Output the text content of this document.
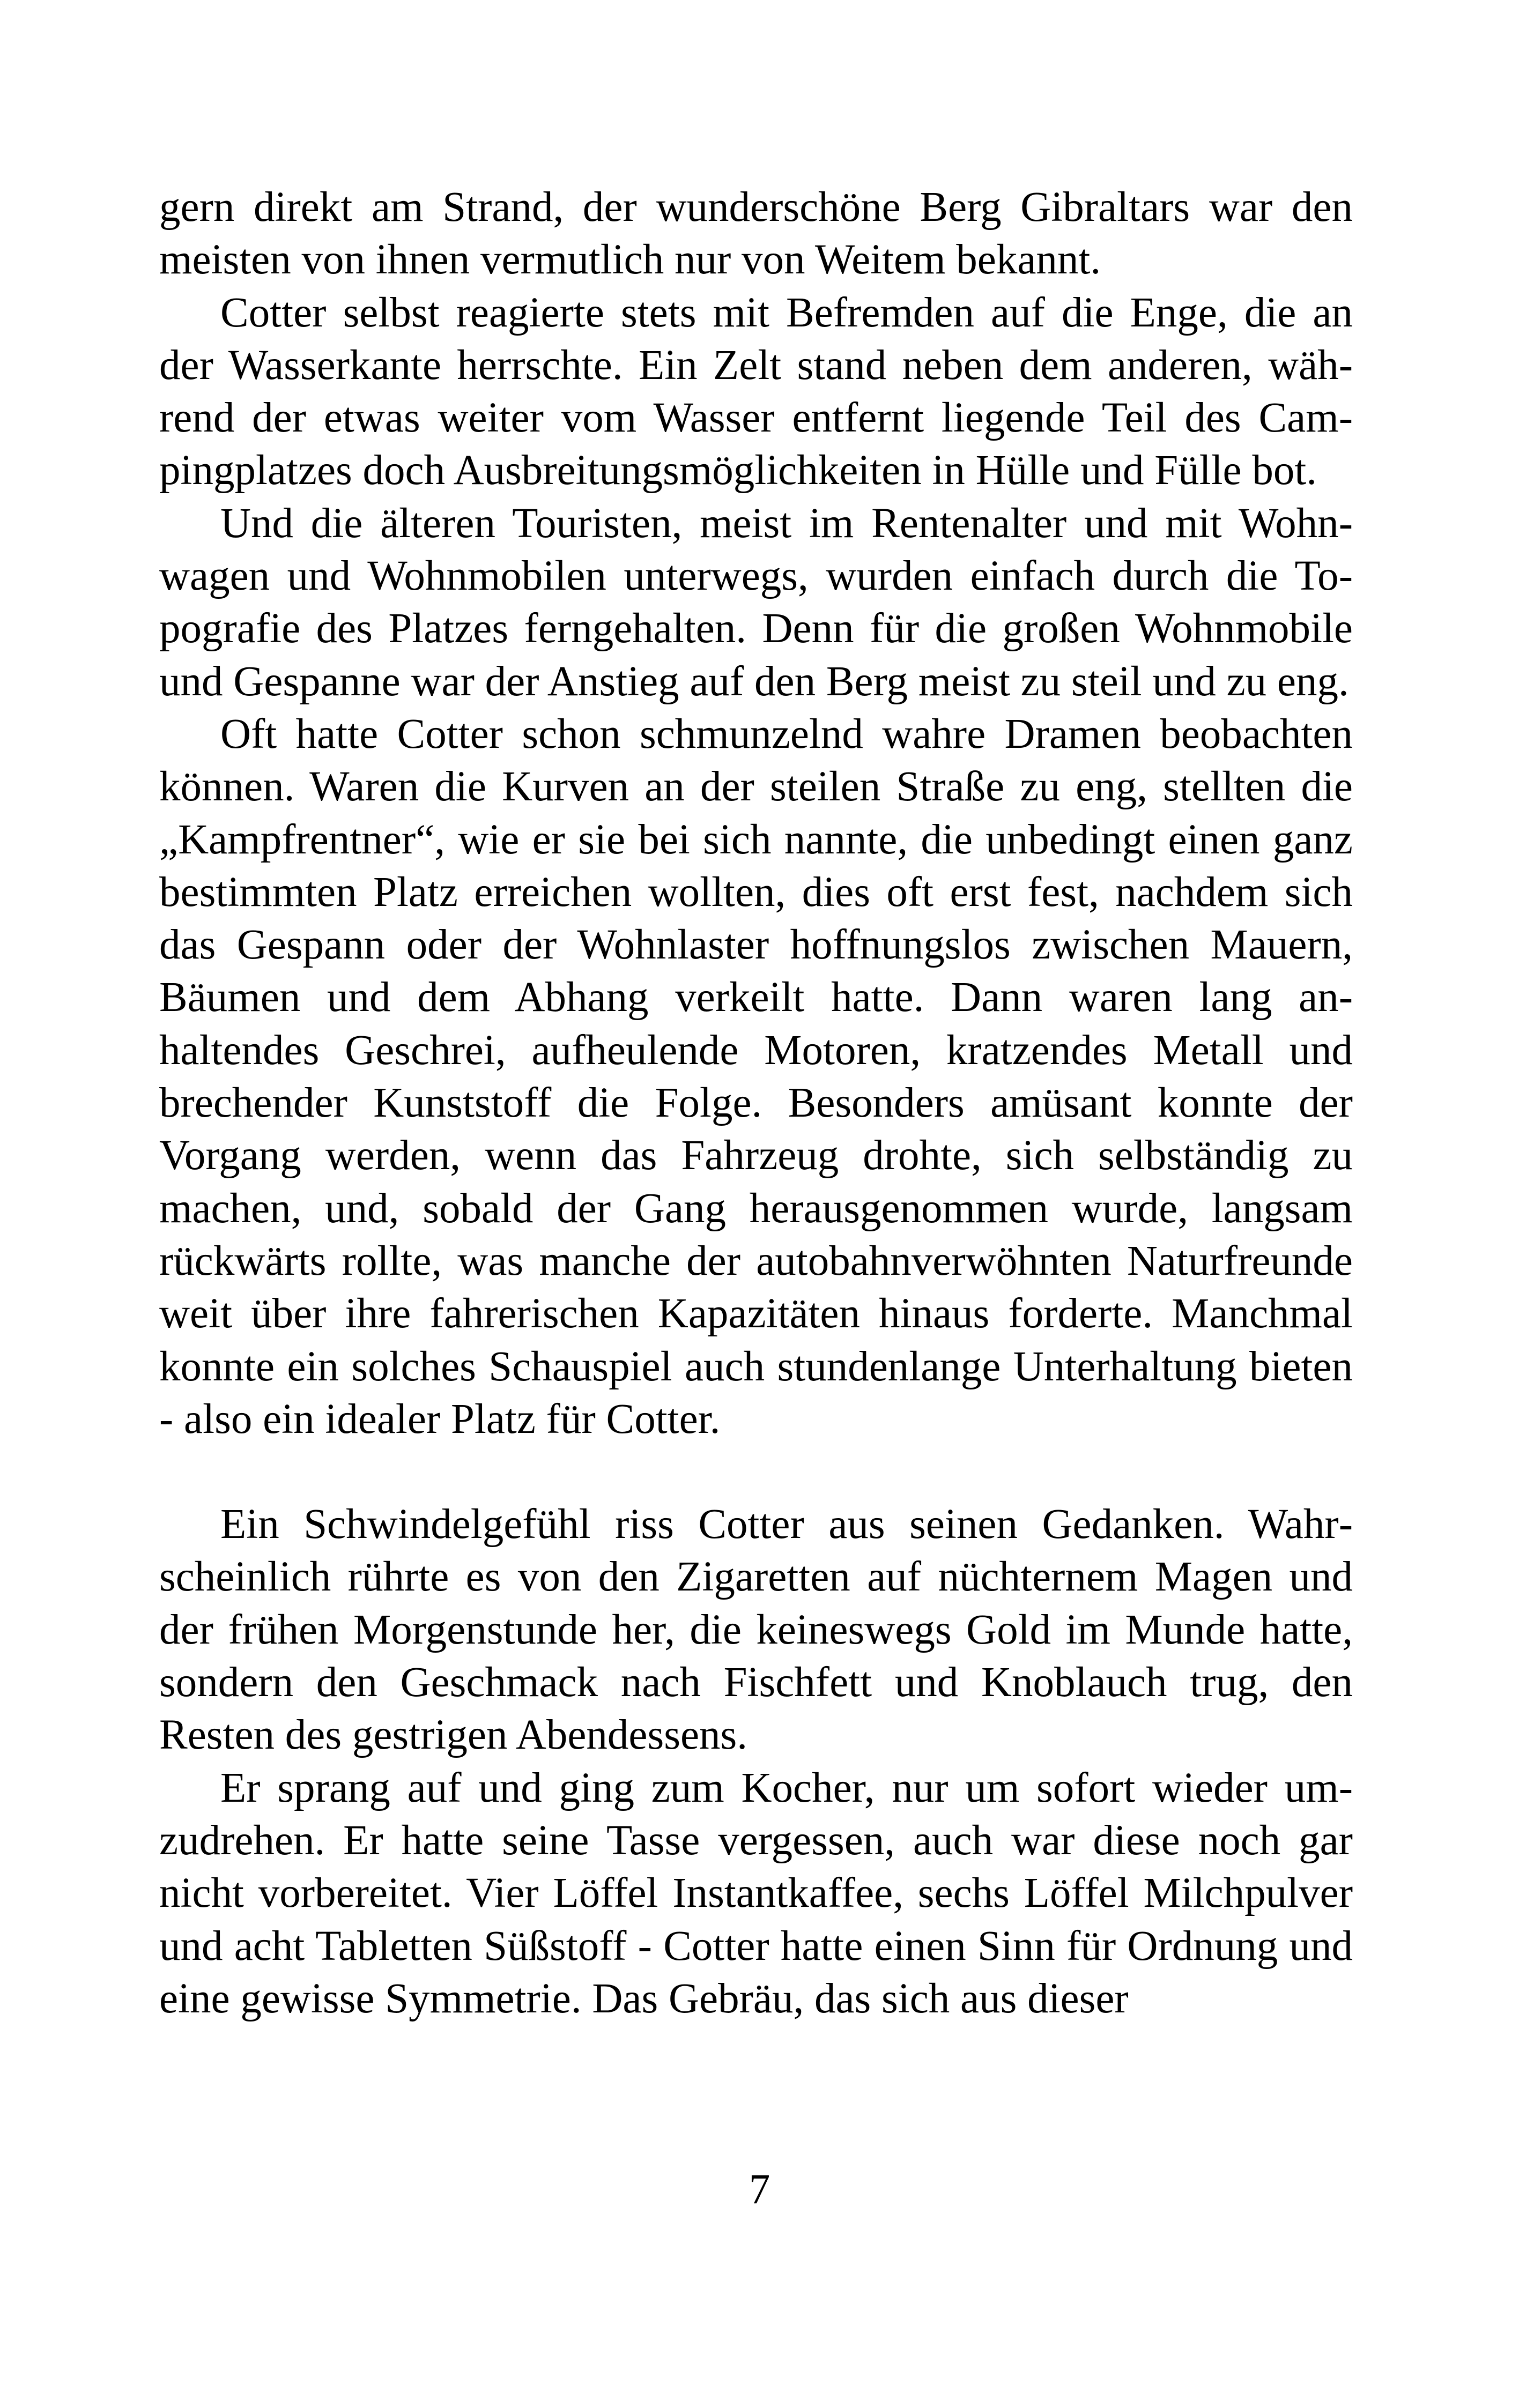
gern direkt am Strand, der wunderschöne Berg Gibraltars war den meisten von ihnen vermutlich nur von Weitem bekannt.

Cotter selbst reagierte stets mit Befremden auf die Enge, die an der Wasserkante herrschte. Ein Zelt stand neben dem anderen, während der etwas weiter vom Wasser entfernt liegende Teil des Campingplatzes doch Ausbreitungsmöglichkeiten in Hülle und Fülle bot.

Und die älteren Touristen, meist im Rentenalter und mit Wohnwagen und Wohnmobilen unterwegs, wurden einfach durch die Topografie des Platzes ferngehalten. Denn für die großen Wohnmobile und Gespanne war der Anstieg auf den Berg meist zu steil und zu eng.

Oft hatte Cotter schon schmunzelnd wahre Dramen beobachten können. Waren die Kurven an der steilen Straße zu eng, stellten die „Kampfrentner“, wie er sie bei sich nannte, die unbedingt einen ganz bestimmten Platz erreichen wollten, dies oft erst fest, nachdem sich das Gespann oder der Wohnlaster hoffnungslos zwischen Mauern, Bäumen und dem Abhang verkeilt hatte. Dann waren lang anhaltendes Geschrei, aufheulende Motoren, kratzendes Metall und brechender Kunststoff die Folge. Besonders amüsant konnte der Vorgang werden, wenn das Fahrzeug drohte, sich selbständig zu machen, und, sobald der Gang herausgenommen wurde, langsam rückwärts rollte, was manche der autobahnverwöhnten Naturfreunde weit über ihre fahrerischen Kapazitäten hinaus forderte. Manchmal konnte ein solches Schauspiel auch stundenlange Unterhaltung bieten - also ein idealer Platz für Cotter.

Ein Schwindelgefühl riss Cotter aus seinen Gedanken. Wahrscheinlich rührte es von den Zigaretten auf nüchternem Magen und der frühen Morgenstunde her, die keineswegs Gold im Munde hatte, sondern den Geschmack nach Fischfett und Knoblauch trug, den Resten des gestrigen Abendessens.

Er sprang auf und ging zum Kocher, nur um sofort wieder umzudrehen. Er hatte seine Tasse vergessen, auch war diese noch gar nicht vorbereitet. Vier Löffel Instantkaffee, sechs Löffel Milchpulver und acht Tabletten Süßstoff - Cotter hatte einen Sinn für Ordnung und eine gewisse Symmetrie. Das Gebräu, das sich aus dieser

7
